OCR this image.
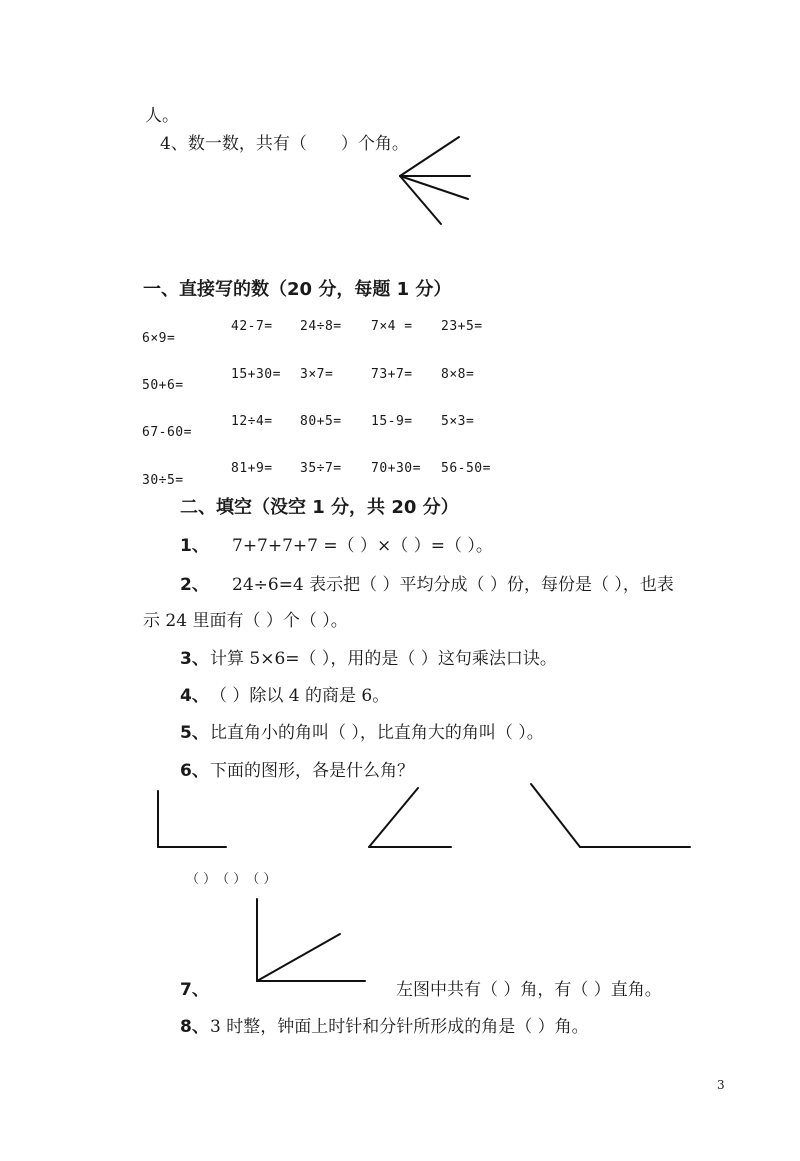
人。
4、数一数，共有（　　）个角。
一、直接写的数（20 分，每题 1 分）
6×9=
42-7= 24÷8= 7×4 = 23+5=
50+6=
15+30= 3×7=	73+7= 8×8=
67-60=
12÷4= 80+5= 15-9= 5×3=
30÷5=
81+9= 35÷7= 70+30= 56-50=
二、填空（没空 1 分，共 20 分）
1、 7+7+7+7 =（ ）×（ ）=（ ）。
2、 24÷6=4 表示把（ ）平均分成（ ）份，每份是（ ），也表
示 24 里面有（ ）个（ ）。
3、 计算 5×6=（ ），用的是（ ）这句乘法口诀。
4、 （ ）除以 4 的商是 6。
5、 比直角小的角叫（ ），比直角大的角叫（ ）。
6、 下面的图形，各是什么角？
（ ）　（ ）　（ ）
7、	左图中共有（ ）角，有（ ）直角。
8、 3 时整，钟面上时针和分针所形成的角是（ ）角。
3
